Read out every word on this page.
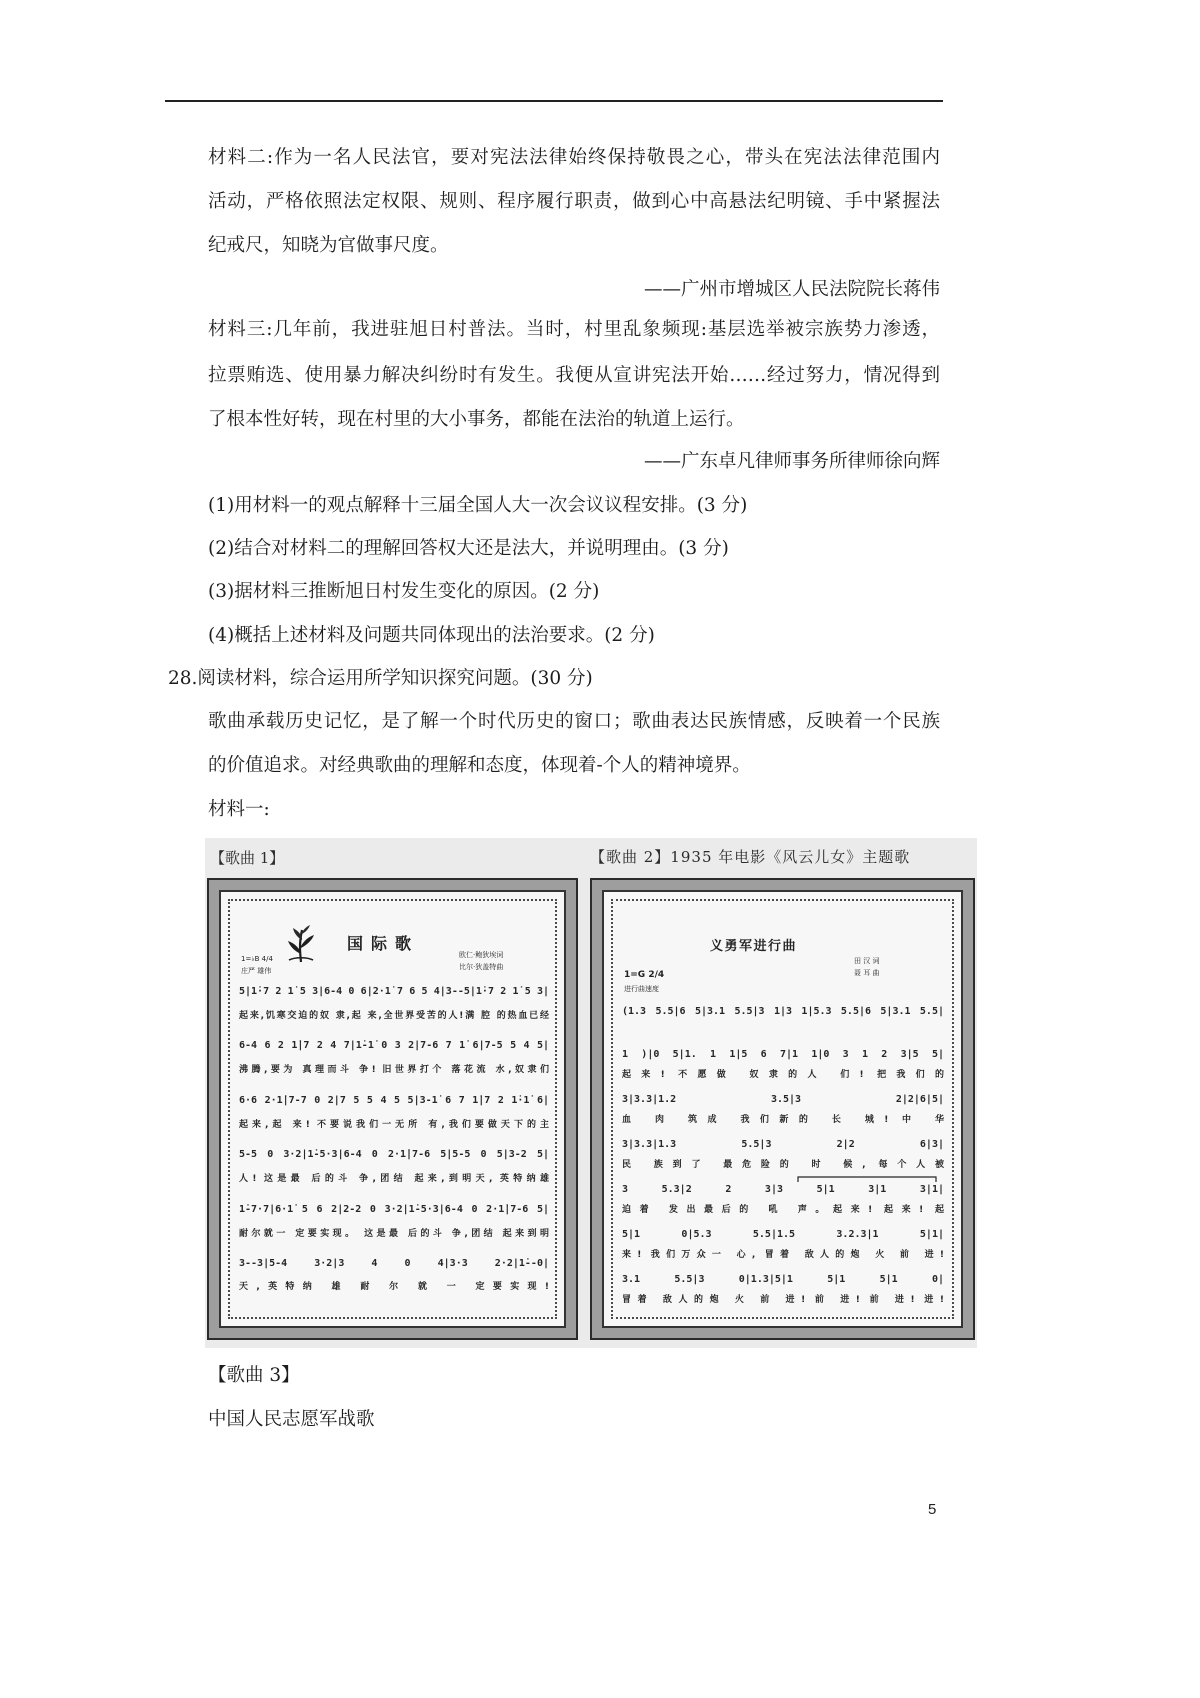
材料二:作为一名人民法官，要对宪法法律始终保持敬畏之心，带头在宪法法律范围内
活动，严格依照法定权限、规则、程序履行职责，做到心中高悬法纪明镜、手中紧握法
纪戒尺，知晓为官做事尺度。
——广州市增城区人民法院院长蒋伟
材料三:几年前，我进驻旭日村普法。当时，村里乱象频现:基层选举被宗族势力渗透，
拉票贿选、使用暴力解决纠纷时有发生。我便从宣讲宪法开始……经过努力，情况得到
了根本性好转，现在村里的大小事务，都能在法治的轨道上运行。
——广东卓凡律师事务所律师徐向辉
(1)用材料一的观点解释十三届全国人大一次会议议程安排。(3 分)
(2)结合对材料二的理解回答权大还是法大，并说明理由。(3 分)
(3)据材料三推断旭日村发生变化的原因。(2 分)
(4)概括上述材料及问题共同体现出的法治要求。(2 分)
28.阅读材料，综合运用所学知识探究问题。(30 分)
歌曲承载历史记忆，是了解一个时代历史的窗口；歌曲表达民族情感，反映着一个民族
的价值追求。对经典歌曲的理解和态度，体现着-个人的精神境界。
材料一:
【歌曲 1】	【歌曲 2】1935 年电影《风云儿女》主题歌
国际歌
欧仁·鲍狄埃词
比尔·狄盖特曲
1=♭B 4/4
庄严 雄伟
5|1̇·7 2 1̇ 5 3|6-4 0 6|2·1̇ 7 6 5 4|3--5|1̇·7 2 1̇ 5 3|
起来,饥寒交迫的奴 隶,起 来,全世界受苦的人!满 腔 的热血已经
6-4 6 2 1̇|7 2 4 7|1̇-1̇ 0 3 2|7-6 7 1̇ 6|7-5 5 4 5|
沸腾,要为 真理而斗 争! 旧世界打个 落花流 水,奴隶们
6·6 2·1̇|7-7 0 2|7 5 5 4 5 5|3-1̇ 6 7 1̇|7 2 1̇·1̇ 6|
起来,起 来! 不要说我们一无所 有,我们要做天下的主
5-5 0 3·2|1̇-5·3|6-4 0 2·1̇|7-6 5|5-5 0 5|3-2 5|
人! 这是最 后的斗 争,团结 起来,到明天, 英特纳雄
1̇-7·7|6·1̇ 5 6 2|2-2 0 3·2|1̇-5·3|6-4 0 2·1̇|7-6 5|
耐尔就一 定要实现。 这是最 后的斗 争,团结 起来到明
3--3|5-4 3·2|3 4 0 4|3·3 2·2|1̇--0|
天,英特纳 雄 耐 尔 就 一 定要实现!
义勇军进行曲
田 汉 词
聂 耳 曲
1=G 2/4
进行曲速度
(1.3 5.5|6 5|3.1 5.5|3 1|3 1|5.3 5.5|6 5|3.1 5.5|
1 )|0 5|1. 1 1|5 6 7|1 1|0 3 1 2 3|5 5|
起来! 不愿做 奴隶的人 们! 把我们的
3|3.3|1.2 3.5|3 2|2|6|5|
血 肉 筑成 我们新的 长 城! 中 华
3|3.3|1.3 5.5|3 2|2 6|3|
民 族到了 最危险的 时 候, 每个人被
3 5.3|2 2 3|3 5|1 3|1 3|1|
迫着 发出最后的 吼 声。起来! 起来! 起
5|1 0|5.3 5.5|1.5 3.2.3|1 5|1|
来! 我们万众一 心, 冒着 敌人的炮 火 前 进!
3.1 5.5|3 0|1.3|5|1 5|1 5|1 0|
冒着 敌人的炮 火 前 进! 前 进! 前 进! 进!
【歌曲 3】
中国人民志愿军战歌
5
